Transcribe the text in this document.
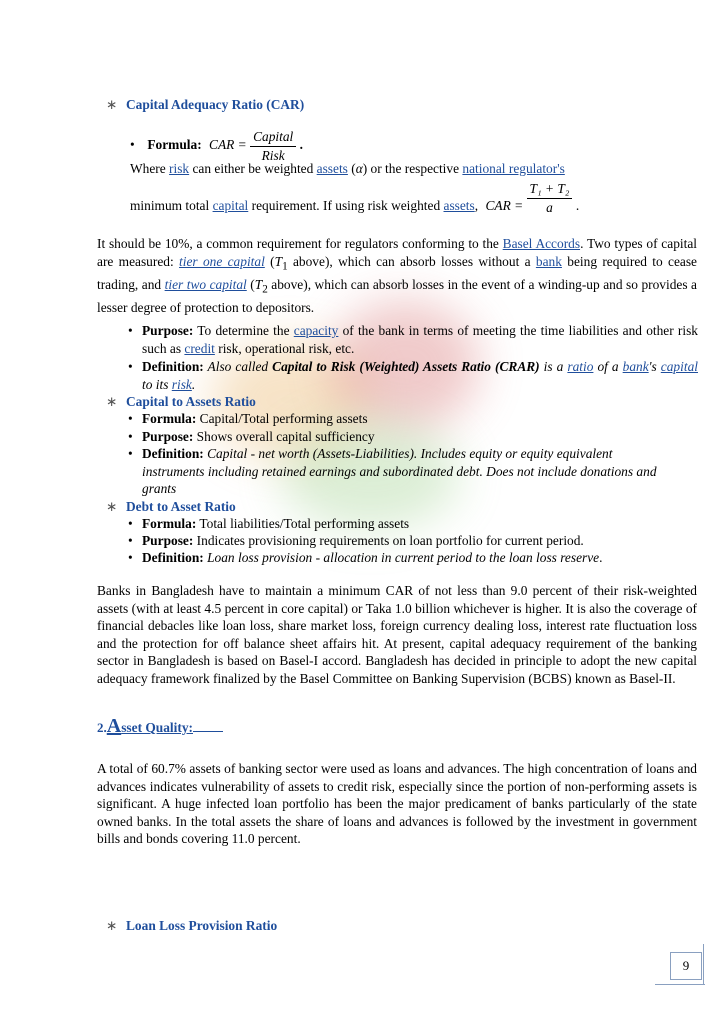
∗ Capital Adequacy Ratio (CAR)
• Formula: CAR = $\frac{\text{Capital}}{\text{Risk}}$ .
Where risk can either be weighted assets (α) or the respective national regulator's
minimum total capital requirement. If using risk weighted assets, CAR = $\frac{\text{T₁ + T₂}}{a}$ .
It should be 10%, a common requirement for regulators conforming to the Basel Accords. Two types of capital are measured: tier one capital ($T_1$ above), which can absorb losses without a bank being required to cease trading, and tier two capital ($T_2$ above), which can absorb losses in the event of a winding-up and so provides a lesser degree of protection to depositors.
• Purpose: To determine the capacity of the bank in terms of meeting the time liabilities and other risk such as credit risk, operational risk, etc.
• Definition: Also called Capital to Risk (Weighted) Assets Ratio (CRAR) is a ratio of a bank's capital to its risk.
∗ Capital to Assets Ratio
• Formula: Capital/Total performing assets
• Purpose: Shows overall capital sufficiency
• Definition: Capital - net worth (Assets-Liabilities). Includes equity or equity equivalent instruments including retained earnings and subordinated debt. Does not include donations and grants
∗ Debt to Asset Ratio
• Formula: Total liabilities/Total performing assets
• Purpose: Indicates provisioning requirements on loan portfolio for current period.
• Definition: Loan loss provision - allocation in current period to the loan loss reserve.
Banks in Bangladesh have to maintain a minimum CAR of not less than 9.0 percent of their risk-weighted assets (with at least 4.5 percent in core capital) or Taka 1.0 billion whichever is higher. It is also the coverage of financial debacles like loan loss, share market loss, foreign currency dealing loss, interest rate fluctuation loss and the protection for off balance sheet affairs hit. At present, capital adequacy requirement of the banking sector in Bangladesh is based on Basel-I accord. Bangladesh has decided in principle to adopt the new capital adequacy framework finalized by the Basel Committee on Banking Supervision (BCBS) known as Basel-II.
2.Asset Quality:
A total of 60.7% assets of banking sector were used as loans and advances. The high concentration of loans and advances indicates vulnerability of assets to credit risk, especially since the portion of non-performing assets is significant. A huge infected loan portfolio has been the major predicament of banks particularly of the state owned banks. In the total assets the share of loans and advances is followed by the investment in government bills and bonds covering 11.0 percent.
∗ Loan Loss Provision Ratio
9
